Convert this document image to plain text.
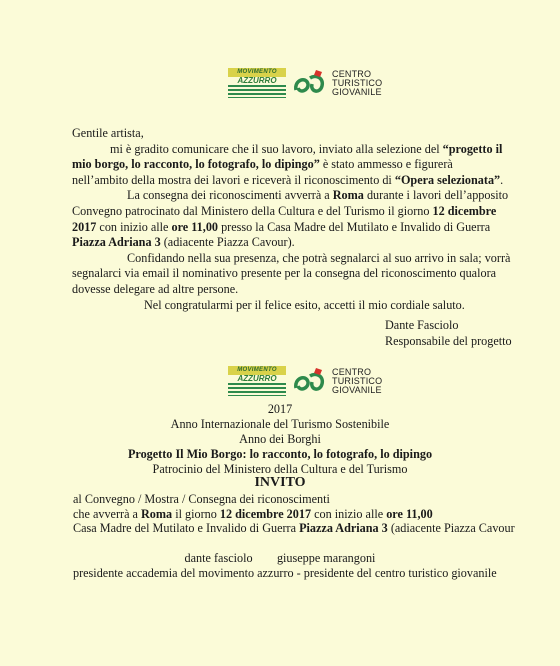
MOVIMENTO
AZZURRO
CENTRO
TURISTICO
GIOVANILE

Gentile artista,

mi è gradito comunicare che il suo lavoro, inviato alla selezione del “progetto il mio borgo, lo racconto, lo fotografo, lo dipingo” è stato ammesso e figurerà nell’ambito della mostra dei lavori e riceverà il riconoscimento di “Opera selezionata”.

La consegna dei riconoscimenti avverrà a Roma durante i lavori dell’apposito Convegno patrocinato dal Ministero della Cultura e del Turismo il giorno 12 dicembre 2017 con inizio alle ore 11,00 presso la Casa Madre del Mutilato e Invalido di Guerra Piazza Adriana 3 (adiacente Piazza Cavour).

Confidando nella sua presenza, che potrà segnalarci al suo arrivo in sala; vorrà segnalarci via email il nominativo presente per la consegna del riconoscimento qualora dovesse delegare ad altre persone.

Nel congratularmi per il felice esito, accetti il mio cordiale saluto.

Dante Fasciolo
Responsabile del progetto
MOVIMENTO
AZZURRO
CENTRO
TURISTICO
GIOVANILE
2017
Anno Internazionale del Turismo Sostenibile
Anno dei Borghi
Progetto Il Mio Borgo: lo racconto, lo fotografo, lo dipingo
Patrocinio del Ministero della Cultura e del Turismo
INVITO
al Convegno / Mostra / Consegna dei riconoscimenti
che avverrà a Roma il giorno 12 dicembre 2017 con inizio alle ore 11,00
Casa Madre del Mutilato e Invalido di Guerra Piazza Adriana 3 (adiacente Piazza Cavour
dante fasciolo        giuseppe marangoni
presidente accademia del movimento azzurro - presidente del centro turistico giovanile
